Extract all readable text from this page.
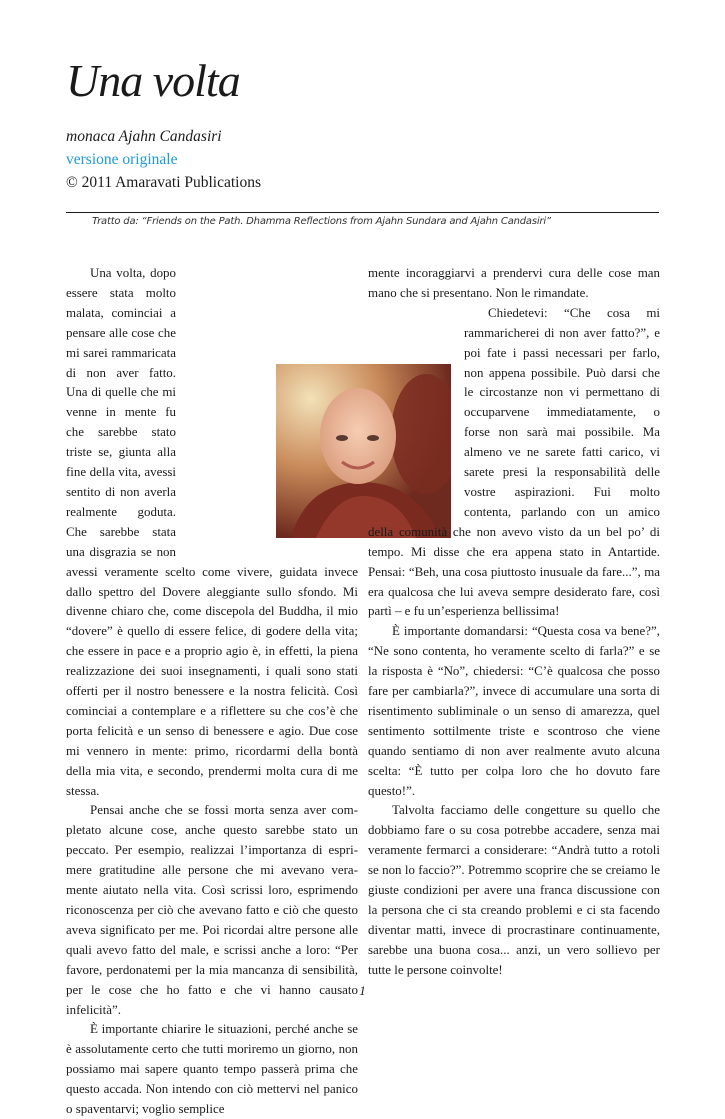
Una volta
monaca Ajahn Candasiri
versione originale
© 2011 Amaravati Publications
Tratto da: “Friends on the Path. Dhamma Reflections from Ajahn Sundara and Ajahn Candasiri”

Una volta, dopo essere stata molto malata, cominciai a pensare alle cose che mi sarei rammaricata di non aver fatto. Una di quelle che mi venne in mente fu che sarebbe stato triste se, giunta alla fine della vita, avessi sentito di non averla realmente goduta. Che sarebbe stata una disgrazia se non avessi veramente scelto come vivere, guidata invece dallo spettro del Dovere aleggiante sullo sfondo. Mi divenne chiaro che, come discepola del Buddha, il mio “dovere” è quello di essere felice, di godere della vita; che essere in pace e a proprio agio è, in effetti, la piena realizzazione dei suoi insegnamenti, i quali sono stati offerti per il nostro benessere e la nostra felicità. Così cominciai a contemplare e a riflettere su che cos’è che porta felicità e un senso di benessere e agio. Due cose mi vennero in mente: primo, ricordarmi della bontà della mia vita, e secondo, prendermi molta cura di me stessa.

Pensai anche che se fossi morta senza aver completato alcune cose, anche questo sarebbe stato un peccato. Per esempio, realizzai l’importanza di esprimere gratitudine alle persone che mi avevano veramente aiutato nella vita. Così scrissi loro, esprimendo riconoscenza per ciò che avevano fatto e ciò che questo aveva significato per me. Poi ricordai altre persone alle quali avevo fatto del male, e scrissi anche a loro: “Per favore, perdonatemi per la mia mancanza di sensibilità, per le cose che ho fatto e che vi hanno causato infelicità”.

È importante chiarire le situazioni, perché anche se è assolutamente certo che tutti moriremo un giorno, non possiamo mai sapere quanto tempo passerà prima che questo accada. Non intendo con ciò mettervi nel panico o spaventarvi; voglio semplice

mente incoraggiarvi a prendervi cura delle cose man mano che si presentano. Non le rimandate.

Chiedetevi: “Che cosa mi rammaricherei di non aver fatto?”, e poi fate i passi necessari per farlo, non appena possibile. Può darsi che le circostanze non vi permettano di occuparvene immediatamente, o forse non sarà mai possibile. Ma almeno ve ne sarete fatti carico, vi sarete presi la responsabilità delle vostre aspirazioni. Fui molto contenta, parlando con un amico della comunità che non avevo visto da un bel po’ di tempo. Mi disse che era appena stato in Antartide. Pensai: “Beh, una cosa piuttosto inusuale da fare...”, ma era qualcosa che lui aveva sempre desiderato fare, così partì – e fu un’esperienza bellissima!

È importante domandarsi: “Questa cosa va bene?”, “Ne sono contenta, ho veramente scelto di farla?” e se la risposta è “No”, chiedersi: “C’è qualcosa che posso fare per cambiarla?”, invece di accumulare una sorta di risentimento subliminale o un senso di amarezza, quel sentimento sottilmente triste e scontroso che viene quando sentiamo di non aver realmente avuto alcuna scelta: “È tutto per colpa loro che ho dovuto fare questo!”.

Talvolta facciamo delle congetture su quello che dobbiamo fare o su cosa potrebbe accadere, senza mai veramente fermarci a considerare: “Andrà tutto a rotoli se non lo faccio?”. Potremmo scoprire che se creiamo le giuste condizioni per avere una franca discussione con la persona che ci sta creando problemi e ci sta facendo diventar matti, invece di procrastinare continuamente, sarebbe una buona cosa... anzi, un vero sollievo per tutte le persone coinvolte!

1
